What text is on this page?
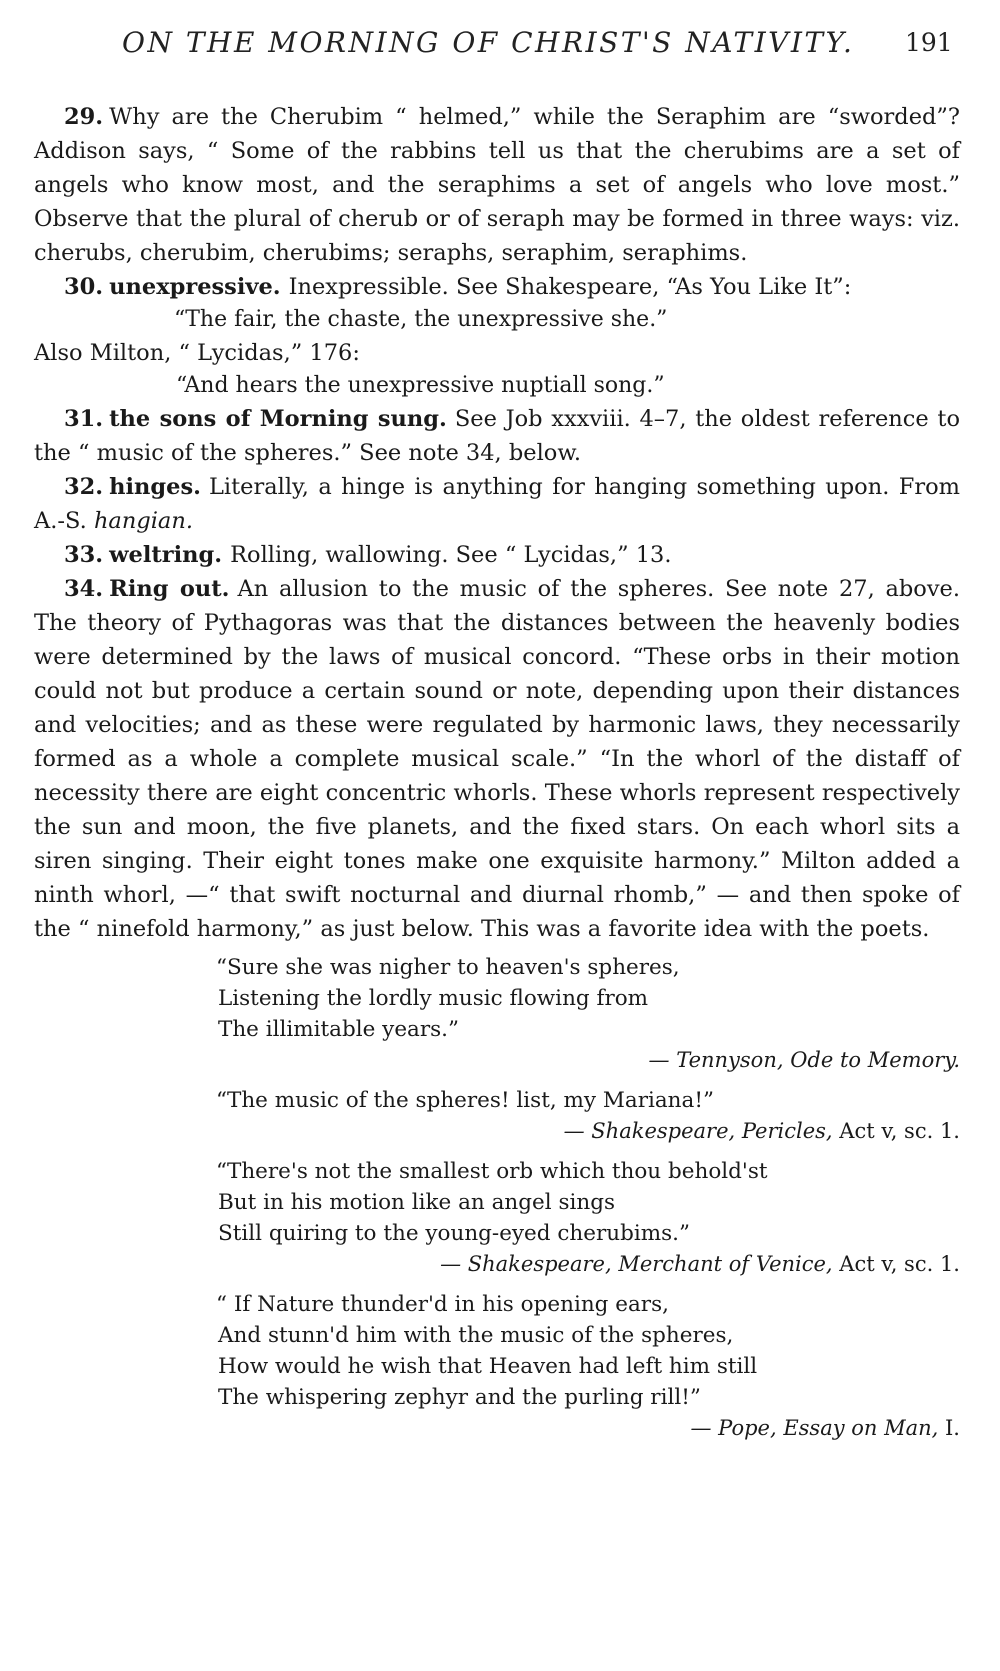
ON THE MORNING OF CHRIST'S NATIVITY. 191

29. Why are the Cherubim “ helmed,” while the Seraphim are “sworded”? Addison says, “ Some of the rabbins tell us that the cherubims are a set of angels who know most, and the seraphims a set of angels who love most.” Observe that the plural of cherub or of seraph may be formed in three ways: viz. cherubs, cherubim, cherubims; seraphs, seraphim, seraphims.

30. unexpressive. Inexpressible. See Shakespeare, “As You Like It”:

“The fair, the chaste, the unexpressive she.”

Also Milton, “ Lycidas,” 176:

“And hears the unexpressive nuptiall song.”

31. the sons of Morning sung. See Job xxxviii. 4–7, the oldest reference to the “ music of the spheres.” See note 34, below.

32. hinges. Literally, a hinge is anything for hanging something upon. From A.-S. hangian.

33. weltring. Rolling, wallowing. See “ Lycidas,” 13.

34. Ring out. An allusion to the music of the spheres. See note 27, above. The theory of Pythagoras was that the distances between the heavenly bodies were determined by the laws of musical concord. “These orbs in their motion could not but produce a certain sound or note, depending upon their distances and velocities; and as these were regulated by harmonic laws, they necessarily formed as a whole a complete musical scale.” “In the whorl of the distaff of necessity there are eight concentric whorls. These whorls represent respectively the sun and moon, the five planets, and the fixed stars. On each whorl sits a siren singing. Their eight tones make one exquisite harmony.” Milton added a ninth whorl, —“ that swift nocturnal and diurnal rhomb,” — and then spoke of the “ ninefold harmony,” as just below. This was a favorite idea with the poets.

“Sure she was nigher to heaven's spheres,
Listening the lordly music flowing from
The illimitable years.”
— Tennyson, Ode to Memory.
“The music of the spheres! list, my Mariana!”
— Shakespeare, Pericles, Act v, sc. 1.
“There's not the smallest orb which thou behold'st
But in his motion like an angel sings
Still quiring to the young-eyed cherubims.”
— Shakespeare, Merchant of Venice, Act v, sc. 1.
“ If Nature thunder'd in his opening ears,
And stunn'd him with the music of the spheres,
How would he wish that Heaven had left him still
The whispering zephyr and the purling rill!”
— Pope, Essay on Man, I.
